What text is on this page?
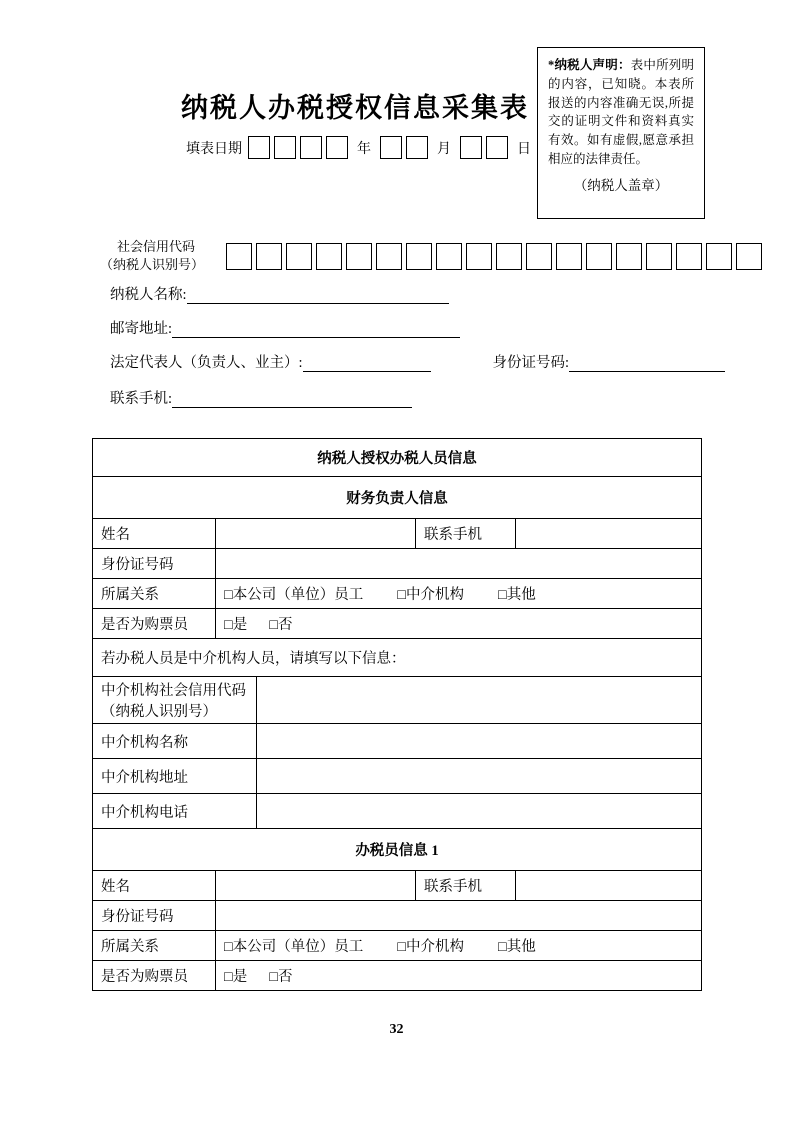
纳税人办税授权信息采集表
填表日期	年	月	日
*纳税人声明：表中所列明的内容，已知晓。本表所报送的内容准确无误,所提交的证明文件和资料真实有效。如有虚假,愿意承担相应的法律责任。
（纳税人盖章）
社会信用代码
（纳税人识别号）
纳税人名称:
邮寄地址:
法定代表人（负责人、业主）:	身份证号码:
联系手机:
纳税人授权办税人员信息				
财务负责人信息				
姓名			联系手机	
身份证号码				
所属关系	□本公司（单位）员工 □中介机构 □其他			
是否为购票员	□是 □否			
若办税人员是中介机构人员，请填写以下信息：				
中介机构社会信用代码（纳税人识别号）				
中介机构名称				
中介机构地址				
中介机构电话				
办税员信息 1				
姓名			联系手机	
身份证号码				
所属关系	□本公司（单位）员工 □中介机构 □其他			
是否为购票员	□是 □否			
32
